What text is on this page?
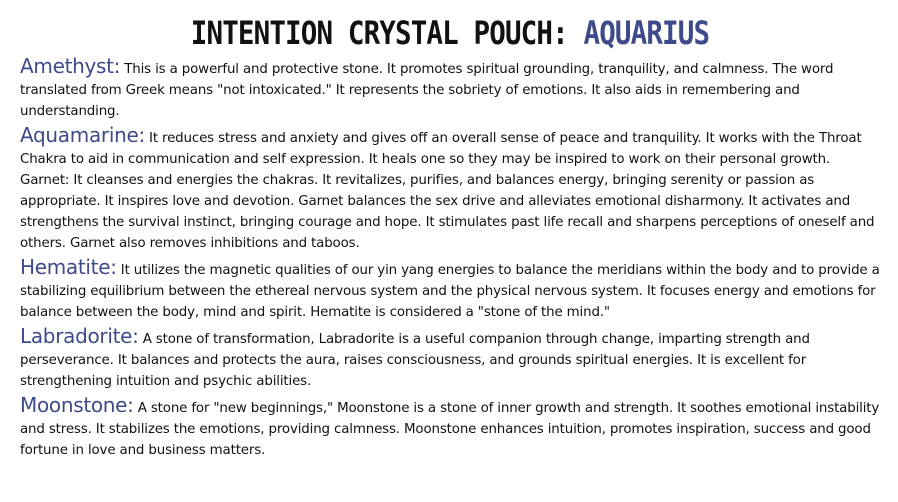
INTENTION CRYSTAL POUCH: AQUARIUS

Amethyst: This is a powerful and protective stone. It promotes spiritual grounding, tranquility, and calmness. The word translated from Greek means "not intoxicated." It represents the sobriety of emotions. It also aids in remembering and understanding.

Aquamarine: It reduces stress and anxiety and gives off an overall sense of peace and tranquility. It works with the Throat Chakra to aid in communication and self expression. It heals one so they may be inspired to work on their personal growth.
Garnet: It cleanses and energies the chakras. It revitalizes, purifies, and balances energy, bringing serenity or passion as appropriate. It inspires love and devotion. Garnet balances the sex drive and alleviates emotional disharmony. It activates and strengthens the survival instinct, bringing courage and hope. It stimulates past life recall and sharpens perceptions of oneself and others. Garnet also removes inhibitions and taboos.

Hematite: It utilizes the magnetic qualities of our yin yang energies to balance the meridians within the body and to provide a stabilizing equilibrium between the ethereal nervous system and the physical nervous system. It focuses energy and emotions for balance between the body, mind and spirit. Hematite is considered a "stone of the mind."

Labradorite: A stone of transformation, Labradorite is a useful companion through change, imparting strength and perseverance. It balances and protects the aura, raises consciousness, and grounds spiritual energies. It is excellent for strengthening intuition and psychic abilities.

Moonstone: A stone for "new beginnings," Moonstone is a stone of inner growth and strength. It soothes emotional instability and stress. It stabilizes the emotions, providing calmness. Moonstone enhances intuition, promotes inspiration, success and good fortune in love and business matters.
